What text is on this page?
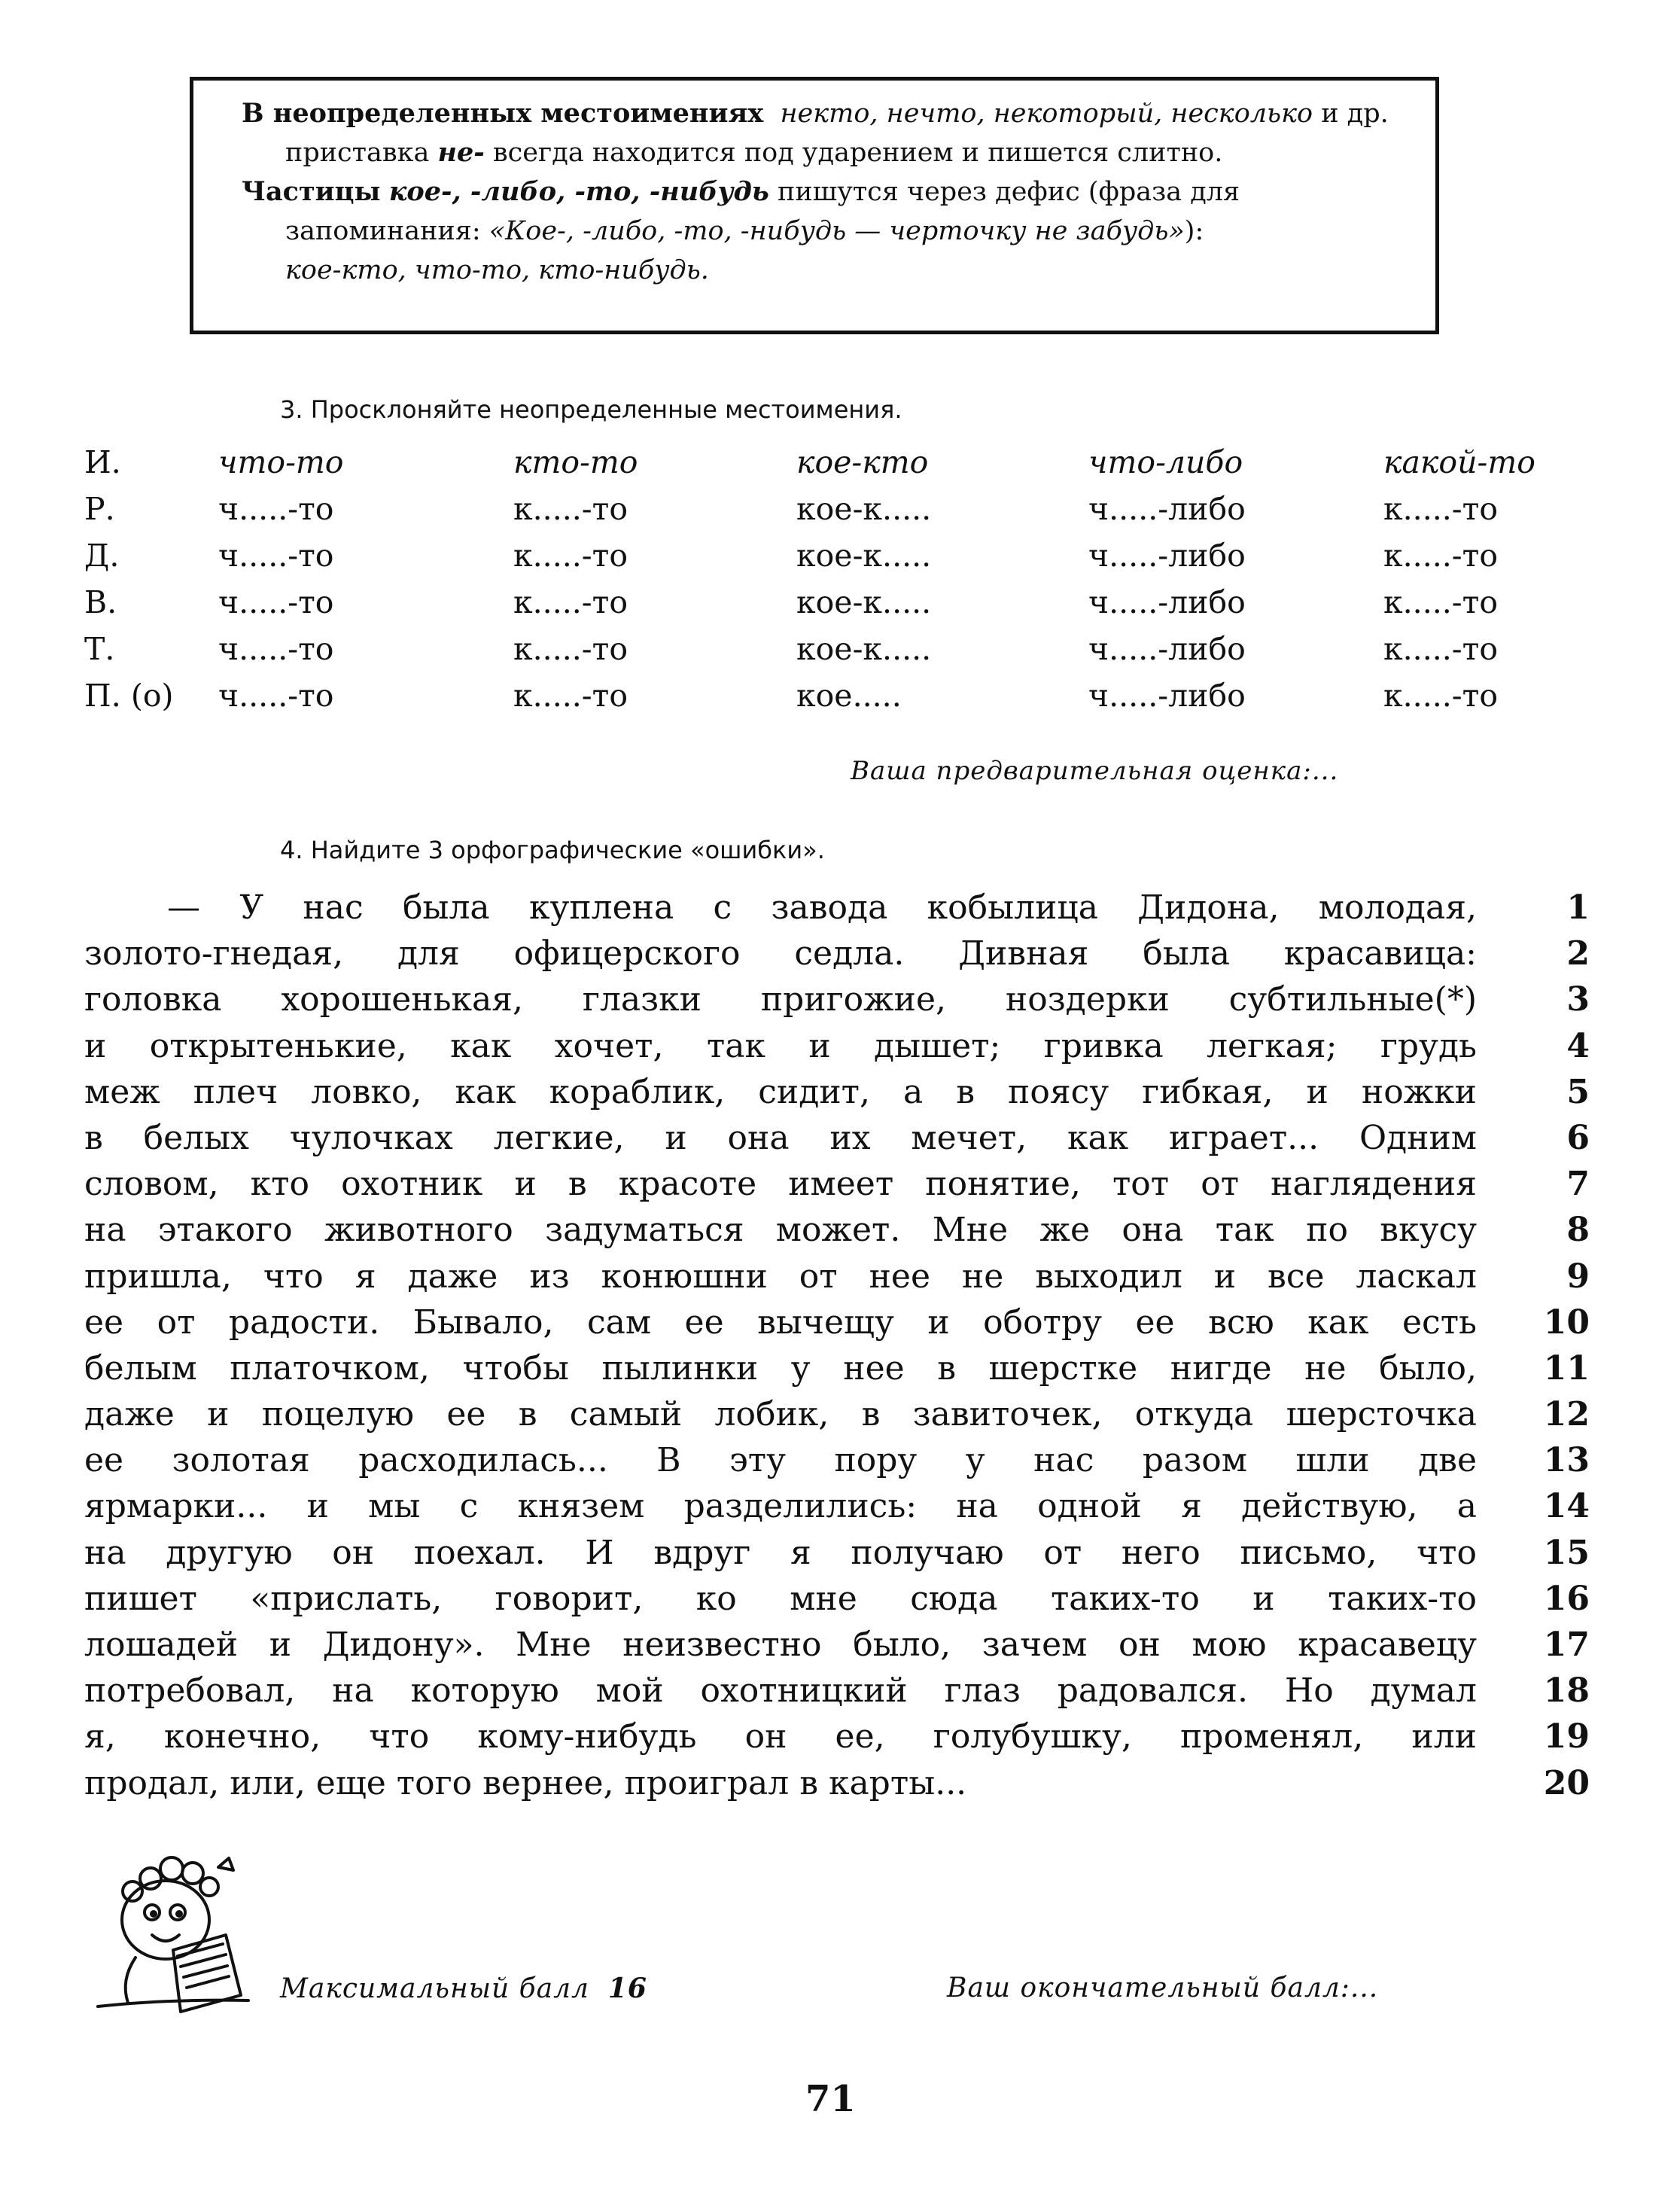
В неопределенных местоимениях некто, нечто, некоторый, несколько и др. приставка не- всегда находится под ударением и пишется слитно.

Частицы кое-, -либо, -то, -нибудь пишутся через дефис (фраза для запоминания: «Кое-, -либо, -то, -нибудь — черточку не забудь»):

кое-кто, что-то, кто-нибудь.

3. Просклоняйте неопределенные местоимения.
И.	что-то	кто-то	кое-кто	что-либо	какой-то
Р.	ч.....-то	к.....-то	кое-к.....	ч.....-либо	к.....-то
Д.	ч.....-то	к.....-то	кое-к.....	ч.....-либо	к.....-то
В.	ч.....-то	к.....-то	кое-к.....	ч.....-либо	к.....-то
Т.	ч.....-то	к.....-то	кое-к.....	ч.....-либо	к.....-то
П. (о) ч.....-то	к.....-то	кое.....	ч.....-либо	к.....-то
Ваша предварительная оценка:...
4. Найдите 3 орфографические «ошибки».
— У нас была куплена с завода кобылица Дидона, молодая,	1
золото-гнедая, для офицерского седла. Дивная была красавица:	2
головка хорошенькая, глазки пригожие, ноздерки субтильные(*)	3
и открытенькие, как хочет, так и дышет; гривка легкая; грудь	4
меж плеч ловко, как кораблик, сидит, а в поясу гибкая, и ножки	5
в белых чулочках легкие, и она их мечет, как играет... Одним	6
словом, кто охотник и в красоте имеет понятие, тот от наглядения	7
на этакого животного задуматься может. Мне же она так по вкусу	8
пришла, что я даже из конюшни от нее не выходил и все ласкал	9
ее от радости. Бывало, сам ее вычещу и оботру ее всю как есть	10
белым платочком, чтобы пылинки у нее в шерстке нигде не было,	11
даже и поцелую ее в самый лобик, в завиточек, откуда шерсточка	12
ее золотая расходилась... В эту пору у нас разом шли две	13
ярмарки... и мы с князем разделились: на одной я действую, а	14
на другую он поехал. И вдруг я получаю от него письмо, что	15
пишет «прислать, говорит, ко мне сюда таких-то и таких-то	16
лошадей и Дидону». Мне неизвестно было, зачем он мою красавецу	17
потребовал, на которую мой охотницкий глаз радовался. Но думал	18
я, конечно, что кому-нибудь он ее, голубушку, променял, или	19
продал, или, еще того вернее, проиграл в карты...	20
Максимальный балл 16	Ваш окончательный балл:...
71
